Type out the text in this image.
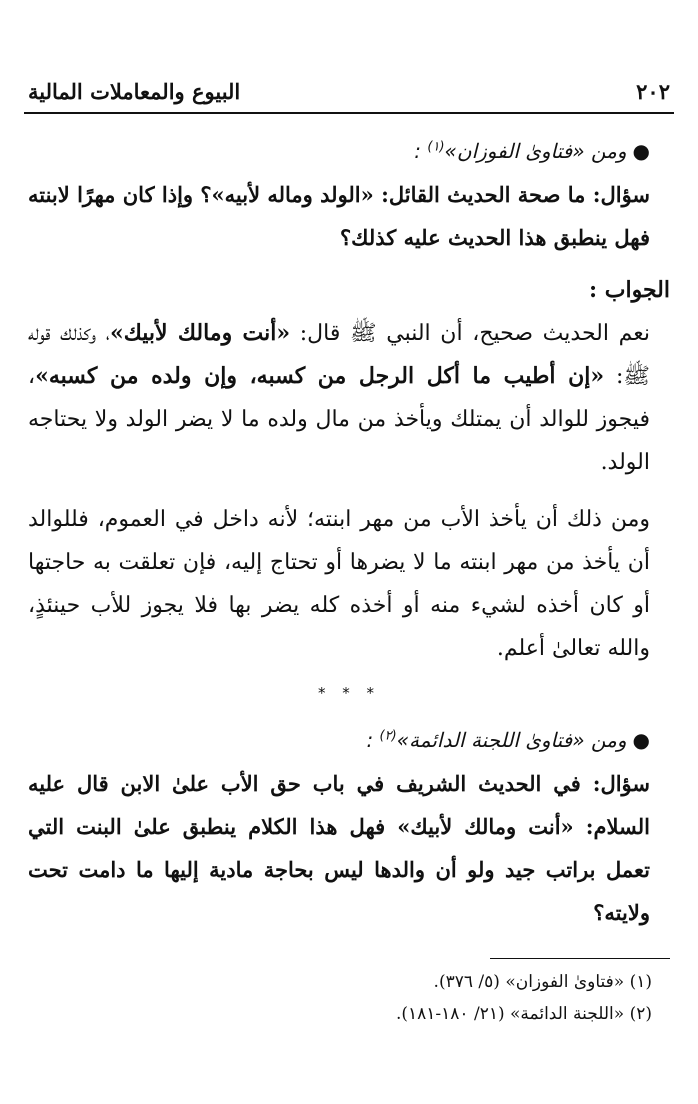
٢٠٢
البيوع والمعاملات المالية

●ومن «فتاوىٰ الفوزان»$^{(١)}$ :

سؤال: ما صحة الحديث القائل: «الولد وماله لأبيه»؟ وإذا كان مهرًا لابنته فهل ينطبق هذا الحديث عليه كذلك؟

الجواب :

نعم الحديث صحيح، أن النبي ﷺ قال: «أنت ومالك لأبيك»، وكذلك قوله ﷺ: «إن أطيب ما أكل الرجل من كسبه، وإن ولده من كسبه»، فيجوز للوالد أن يمتلك ويأخذ من مال ولده ما لا يضر الولد ولا يحتاجه الولد.

ومن ذلك أن يأخذ الأب من مهر ابنته؛ لأنه داخل في العموم، فللوالد أن يأخذ من مهر ابنته ما لا يضرها أو تحتاج إليه، فإن تعلقت به حاجتها أو كان أخذه لشيء منه أو أخذه كله يضر بها فلا يجوز للأب حينئذٍ، والله تعالىٰ أعلم.

* * *

●ومن «فتاوىٰ اللجنة الدائمة»$^{(٢)}$ :

سؤال: في الحديث الشريف في باب حق الأب علىٰ الابن قال عليه السلام: «أنت ومالك لأبيك» فهل هذا الكلام ينطبق علىٰ البنت التي تعمل براتب جيد ولو أن والدها ليس بحاجة مادية إليها ما دامت تحت ولايته؟

(١) «فتاوىٰ الفوزان» (٥/ ٣٧٦).

(٢) «اللجنة الدائمة» (٢١/ ١٨٠-١٨١).
